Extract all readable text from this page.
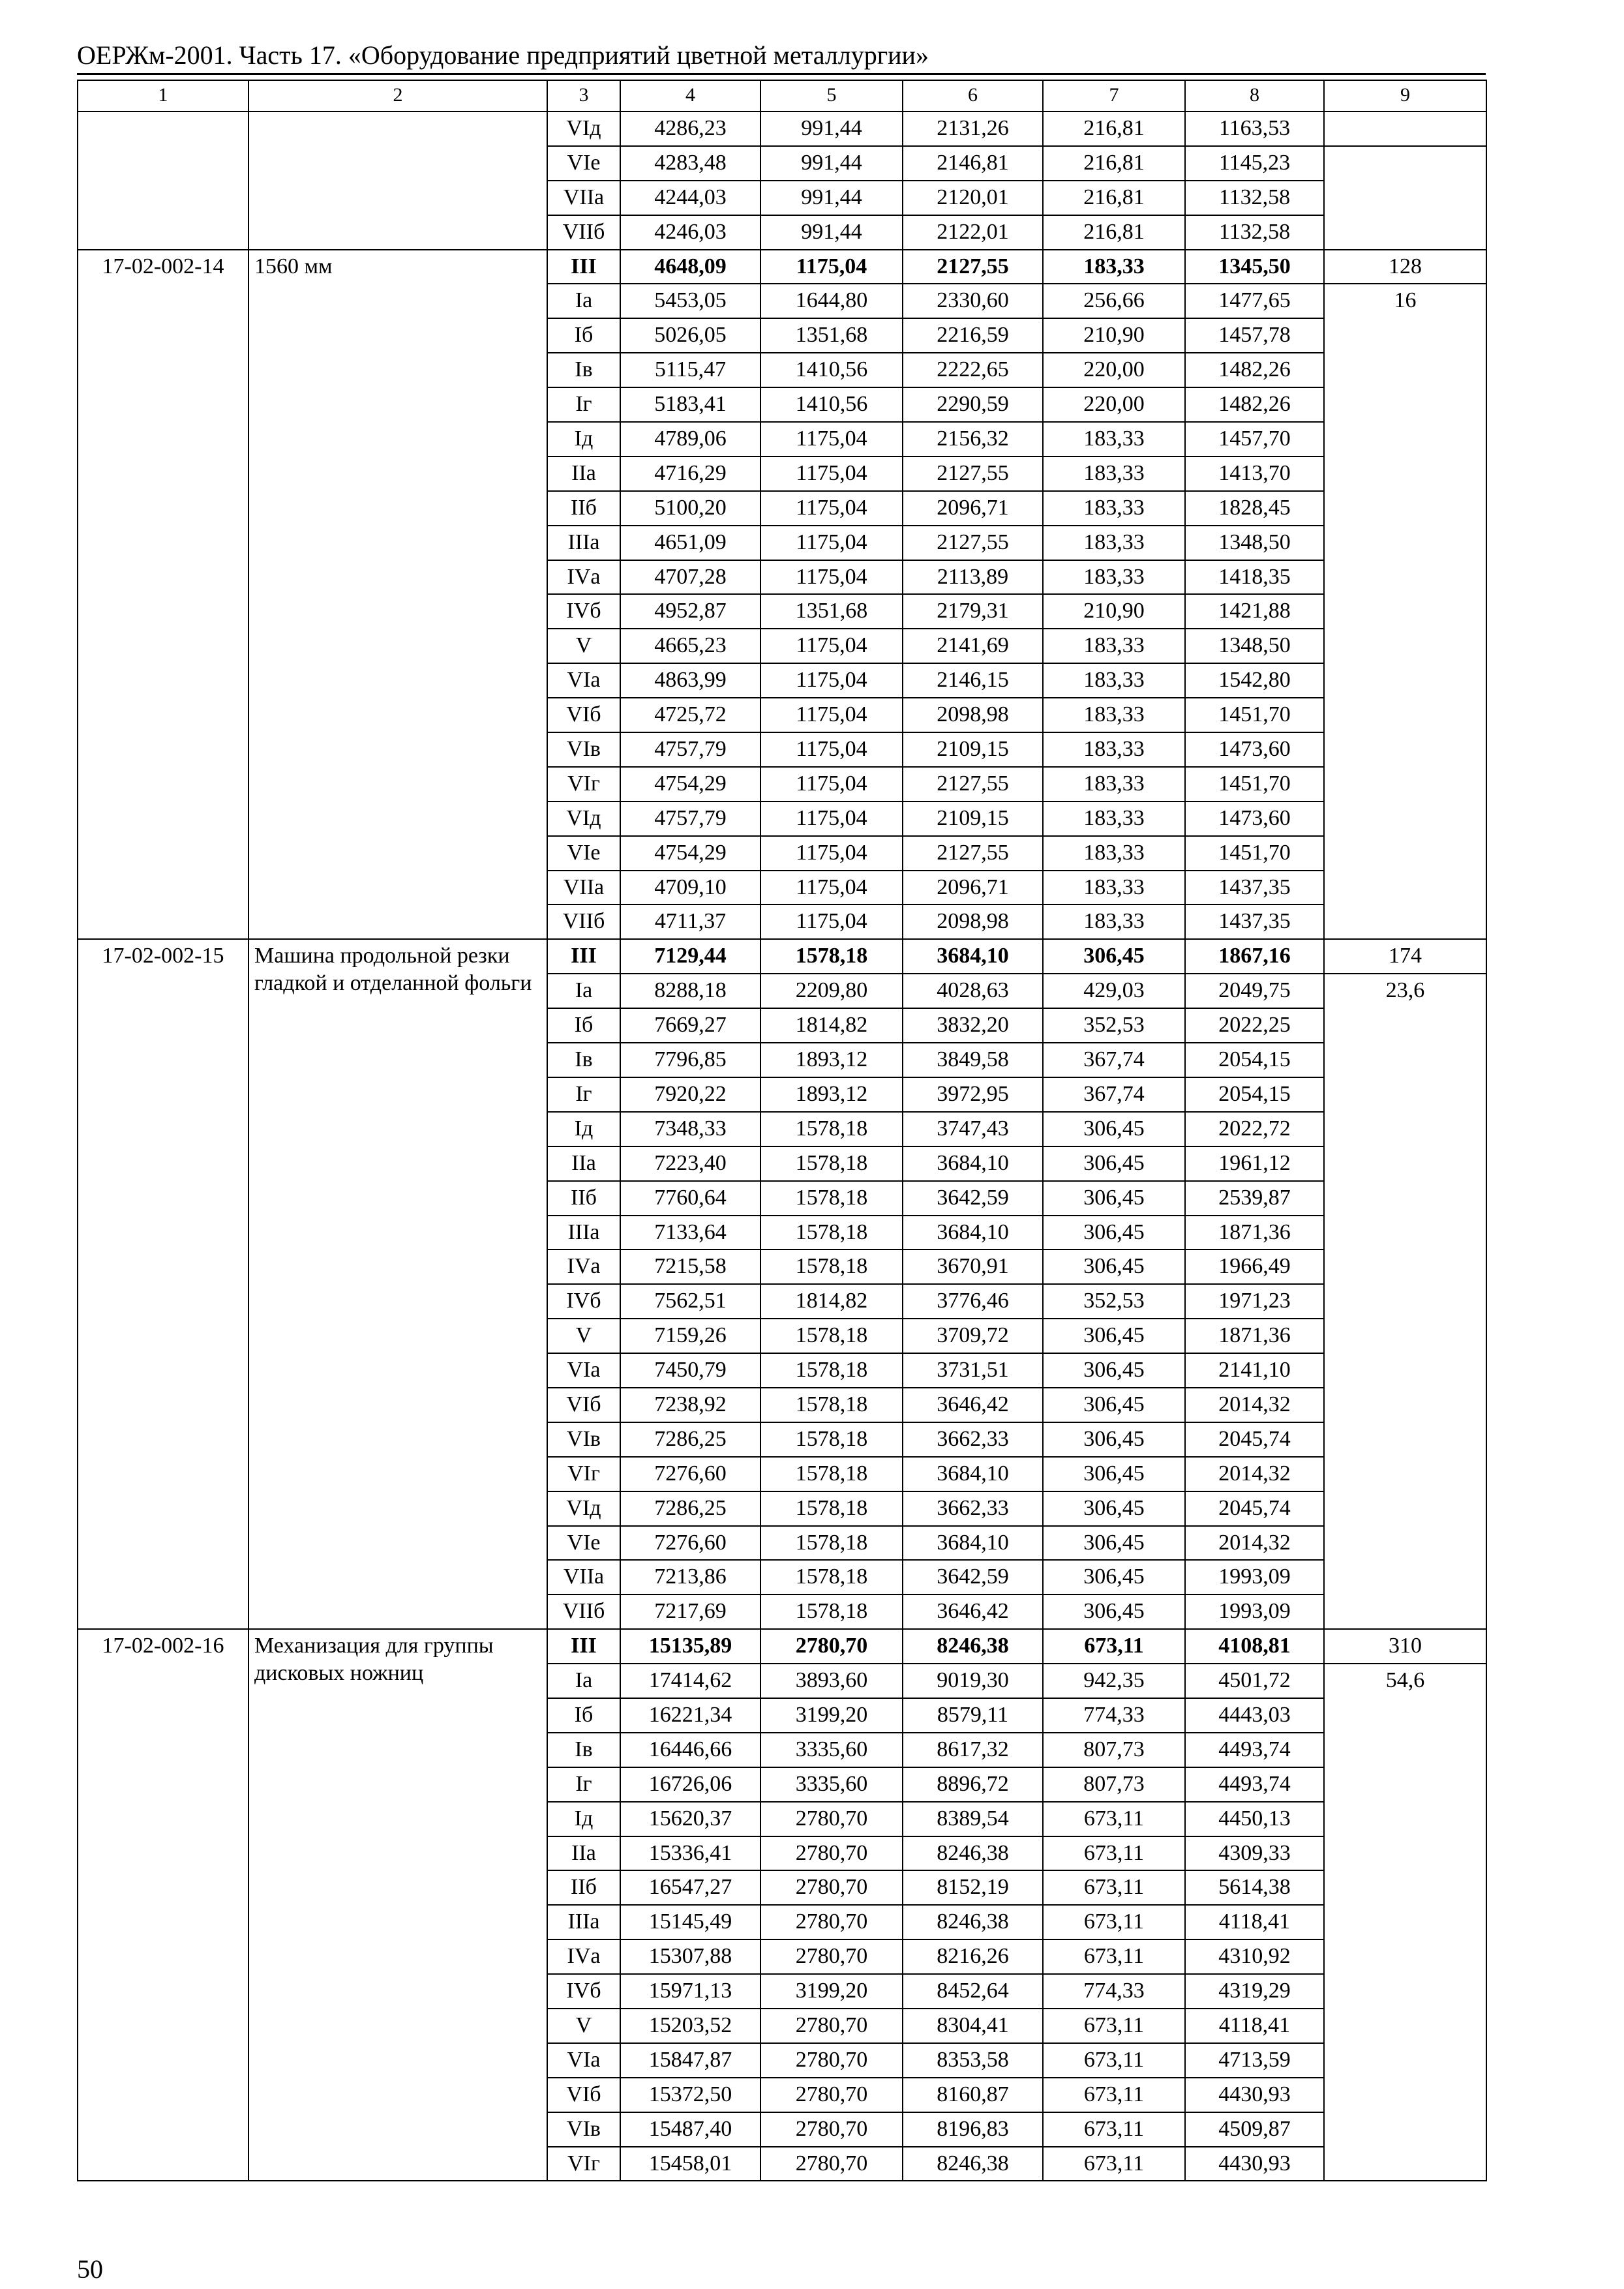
ОЕРЖм-2001. Часть 17. «Оборудование предприятий цветной металлургии»
1	2	3	4	5	6	7	8	9
		VIд	4286,23	991,44	2131,26	216,81	1163,53	
		VIе	4283,48	991,44	2146,81	216,81	1145,23	
		VIIа	4244,03	991,44	2120,01	216,81	1132,58	
		VIIб	4246,03	991,44	2122,01	216,81	1132,58	
17-02-002-14	1560 мм	III	4648,09	1175,04	2127,55	183,33	1345,50	128
		Iа	5453,05	1644,80	2330,60	256,66	1477,65	16
		Iб	5026,05	1351,68	2216,59	210,90	1457,78	
		Iв	5115,47	1410,56	2222,65	220,00	1482,26	
		Iг	5183,41	1410,56	2290,59	220,00	1482,26	
		Iд	4789,06	1175,04	2156,32	183,33	1457,70	
		IIа	4716,29	1175,04	2127,55	183,33	1413,70	
		IIб	5100,20	1175,04	2096,71	183,33	1828,45	
		IIIа	4651,09	1175,04	2127,55	183,33	1348,50	
		IVа	4707,28	1175,04	2113,89	183,33	1418,35	
		IVб	4952,87	1351,68	2179,31	210,90	1421,88	
		V	4665,23	1175,04	2141,69	183,33	1348,50	
		VIа	4863,99	1175,04	2146,15	183,33	1542,80	
		VIб	4725,72	1175,04	2098,98	183,33	1451,70	
		VIв	4757,79	1175,04	2109,15	183,33	1473,60	
		VIг	4754,29	1175,04	2127,55	183,33	1451,70	
		VIд	4757,79	1175,04	2109,15	183,33	1473,60	
		VIе	4754,29	1175,04	2127,55	183,33	1451,70	
		VIIа	4709,10	1175,04	2096,71	183,33	1437,35	
		VIIб	4711,37	1175,04	2098,98	183,33	1437,35	
17-02-002-15	Машина продольной резки гладкой и отделанной фольги	III	7129,44	1578,18	3684,10	306,45	1867,16	174
		Iа	8288,18	2209,80	4028,63	429,03	2049,75	23,6
		Iб	7669,27	1814,82	3832,20	352,53	2022,25	
		Iв	7796,85	1893,12	3849,58	367,74	2054,15	
		Iг	7920,22	1893,12	3972,95	367,74	2054,15	
		Iд	7348,33	1578,18	3747,43	306,45	2022,72	
		IIа	7223,40	1578,18	3684,10	306,45	1961,12	
		IIб	7760,64	1578,18	3642,59	306,45	2539,87	
		IIIа	7133,64	1578,18	3684,10	306,45	1871,36	
		IVа	7215,58	1578,18	3670,91	306,45	1966,49	
		IVб	7562,51	1814,82	3776,46	352,53	1971,23	
		V	7159,26	1578,18	3709,72	306,45	1871,36	
		VIа	7450,79	1578,18	3731,51	306,45	2141,10	
		VIб	7238,92	1578,18	3646,42	306,45	2014,32	
		VIв	7286,25	1578,18	3662,33	306,45	2045,74	
		VIг	7276,60	1578,18	3684,10	306,45	2014,32	
		VIд	7286,25	1578,18	3662,33	306,45	2045,74	
		VIе	7276,60	1578,18	3684,10	306,45	2014,32	
		VIIа	7213,86	1578,18	3642,59	306,45	1993,09	
		VIIб	7217,69	1578,18	3646,42	306,45	1993,09	
17-02-002-16	Механизация для группы дисковых ножниц	III	15135,89	2780,70	8246,38	673,11	4108,81	310
		Iа	17414,62	3893,60	9019,30	942,35	4501,72	54,6
		Iб	16221,34	3199,20	8579,11	774,33	4443,03	
		Iв	16446,66	3335,60	8617,32	807,73	4493,74	
		Iг	16726,06	3335,60	8896,72	807,73	4493,74	
		Iд	15620,37	2780,70	8389,54	673,11	4450,13	
		IIа	15336,41	2780,70	8246,38	673,11	4309,33	
		IIб	16547,27	2780,70	8152,19	673,11	5614,38	
		IIIа	15145,49	2780,70	8246,38	673,11	4118,41	
		IVа	15307,88	2780,70	8216,26	673,11	4310,92	
		IVб	15971,13	3199,20	8452,64	774,33	4319,29	
		V	15203,52	2780,70	8304,41	673,11	4118,41	
		VIа	15847,87	2780,70	8353,58	673,11	4713,59	
		VIб	15372,50	2780,70	8160,87	673,11	4430,93	
		VIв	15487,40	2780,70	8196,83	673,11	4509,87	
		VIг	15458,01	2780,70	8246,38	673,11	4430,93	
50
